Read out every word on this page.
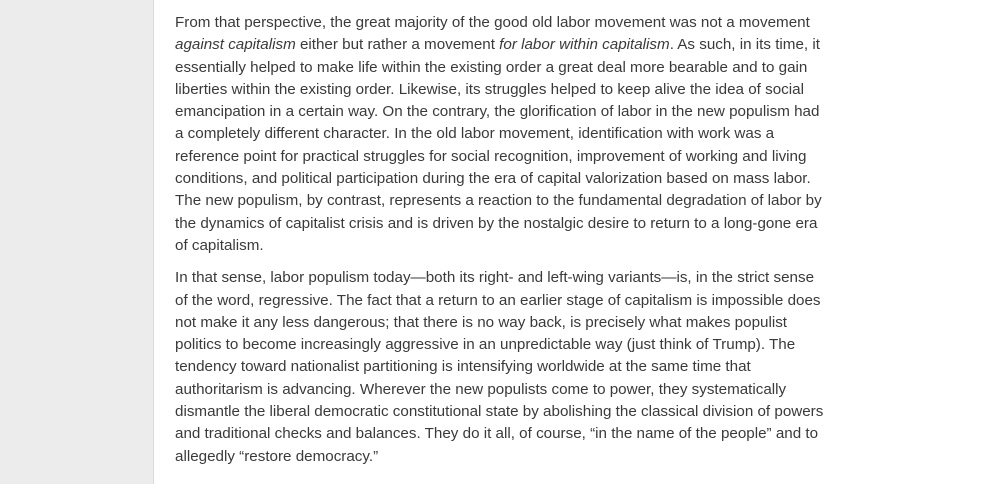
From that perspective, the great majority of the good old labor movement was not a movement against capitalism either but rather a movement for labor within capitalism. As such, in its time, it essentially helped to make life within the existing order a great deal more bearable and to gain liberties within the existing order. Likewise, its struggles helped to keep alive the idea of social emancipation in a certain way. On the contrary, the glorification of labor in the new populism had a completely different character. In the old labor movement, identification with work was a reference point for practical struggles for social recognition, improvement of working and living conditions, and political participation during the era of capital valorization based on mass labor. The new populism, by contrast, represents a reaction to the fundamental degradation of labor by the dynamics of capitalist crisis and is driven by the nostalgic desire to return to a long-gone era of capitalism.

In that sense, labor populism today—both its right- and left-wing variants—is, in the strict sense of the word, regressive. The fact that a return to an earlier stage of capitalism is impossible does not make it any less dangerous; that there is no way back, is precisely what makes populist politics to become increasingly aggressive in an unpredictable way (just think of Trump). The tendency toward nationalist partitioning is intensifying worldwide at the same time that authoritarism is advancing. Wherever the new populists come to power, they systematically dismantle the liberal democratic constitutional state by abolishing the classical division of powers and traditional checks and balances. They do it all, of course, “in the name of the people” and to allegedly “restore democracy.”
